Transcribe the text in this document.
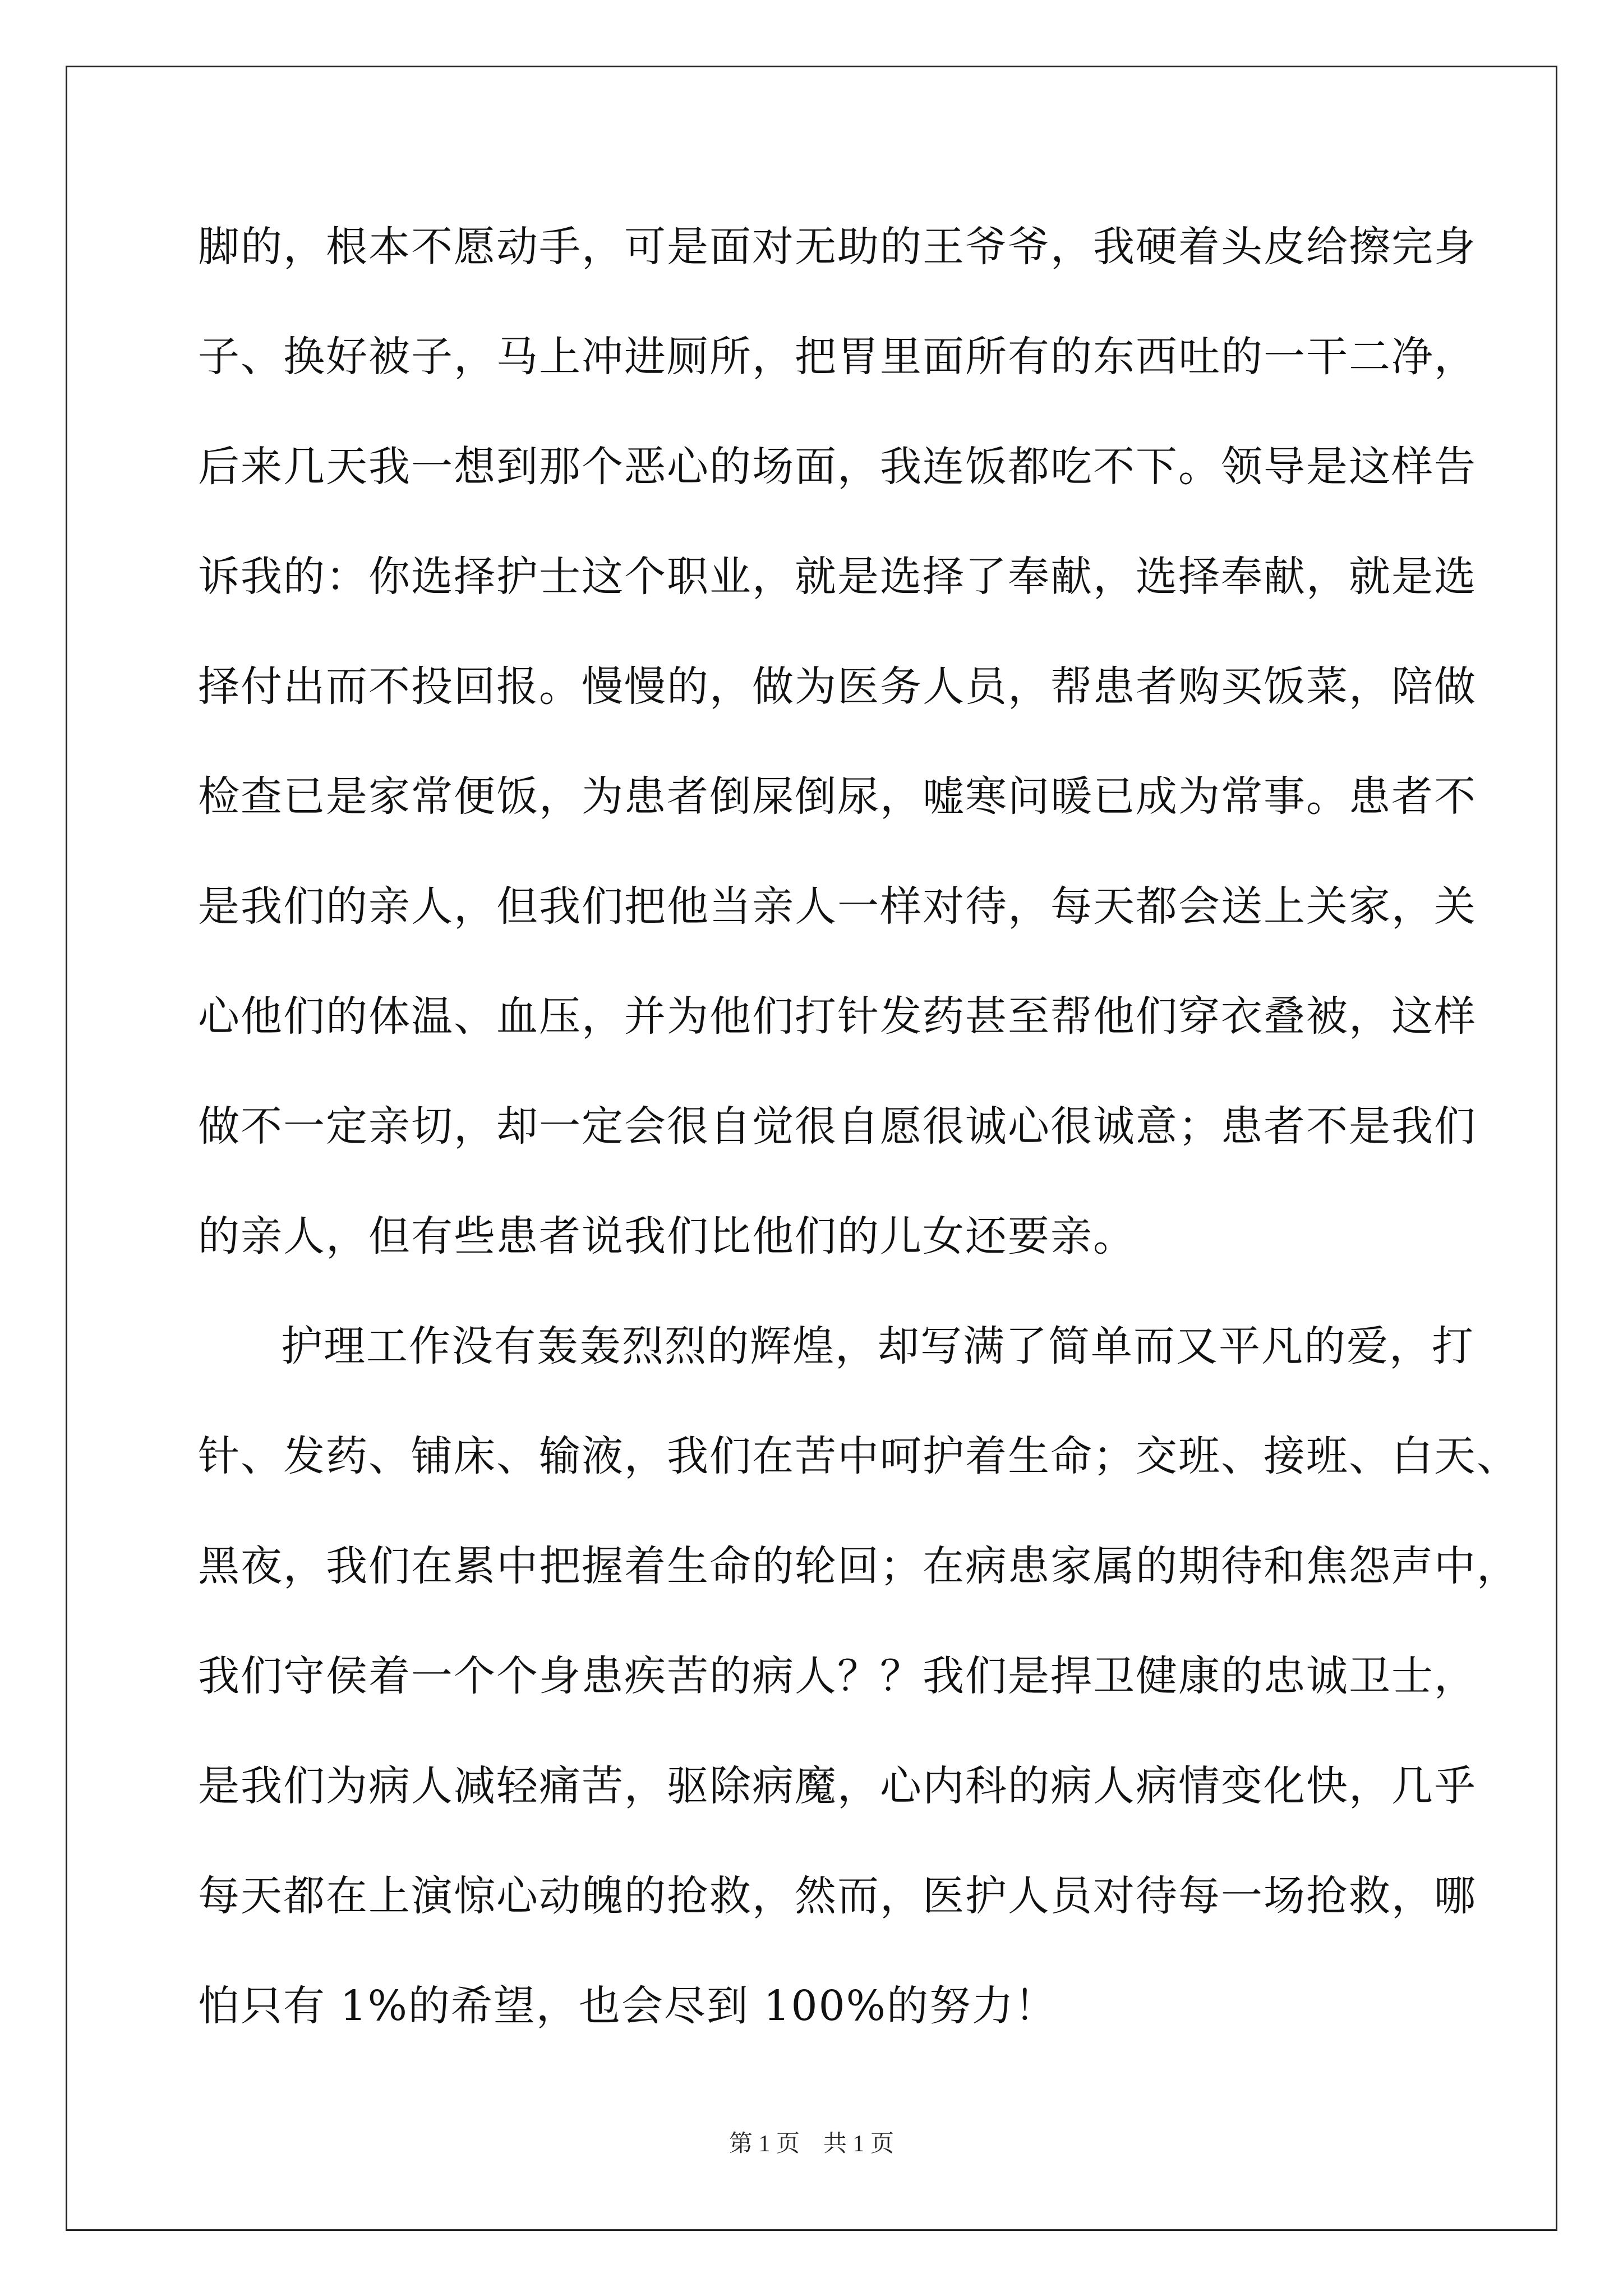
脚的，根本不愿动手，可是面对无助的王爷爷，我硬着头皮给擦完身
子、换好被子，马上冲进厕所，把胃里面所有的东西吐的一干二净，
后来几天我一想到那个恶心的场面，我连饭都吃不下。领导是这样告
诉我的：你选择护士这个职业，就是选择了奉献，选择奉献，就是选
择付出而不投回报。慢慢的，做为医务人员，帮患者购买饭菜，陪做
检查已是家常便饭，为患者倒屎倒尿，嘘寒问暖已成为常事。患者不
是我们的亲人，但我们把他当亲人一样对待，每天都会送上关家，关
心他们的体温、血压，并为他们打针发药甚至帮他们穿衣叠被，这样
做不一定亲切，却一定会很自觉很自愿很诚心很诚意；患者不是我们
的亲人，但有些患者说我们比他们的儿女还要亲。
护理工作没有轰轰烈烈的辉煌，却写满了简单而又平凡的爱，打
针、发药、铺床、输液，我们在苦中呵护着生命；交班、接班、白天、
黑夜，我们在累中把握着生命的轮回；在病患家属的期待和焦怨声中，
我们守侯着一个个身患疾苦的病人？？我们是捍卫健康的忠诚卫士，
是我们为病人减轻痛苦，驱除病魔，心内科的病人病情变化快，几乎
每天都在上演惊心动魄的抢救，然而，医护人员对待每一场抢救，哪
怕只有 1%的希望，也会尽到 100%的努力！
第 1 页　共 1 页
